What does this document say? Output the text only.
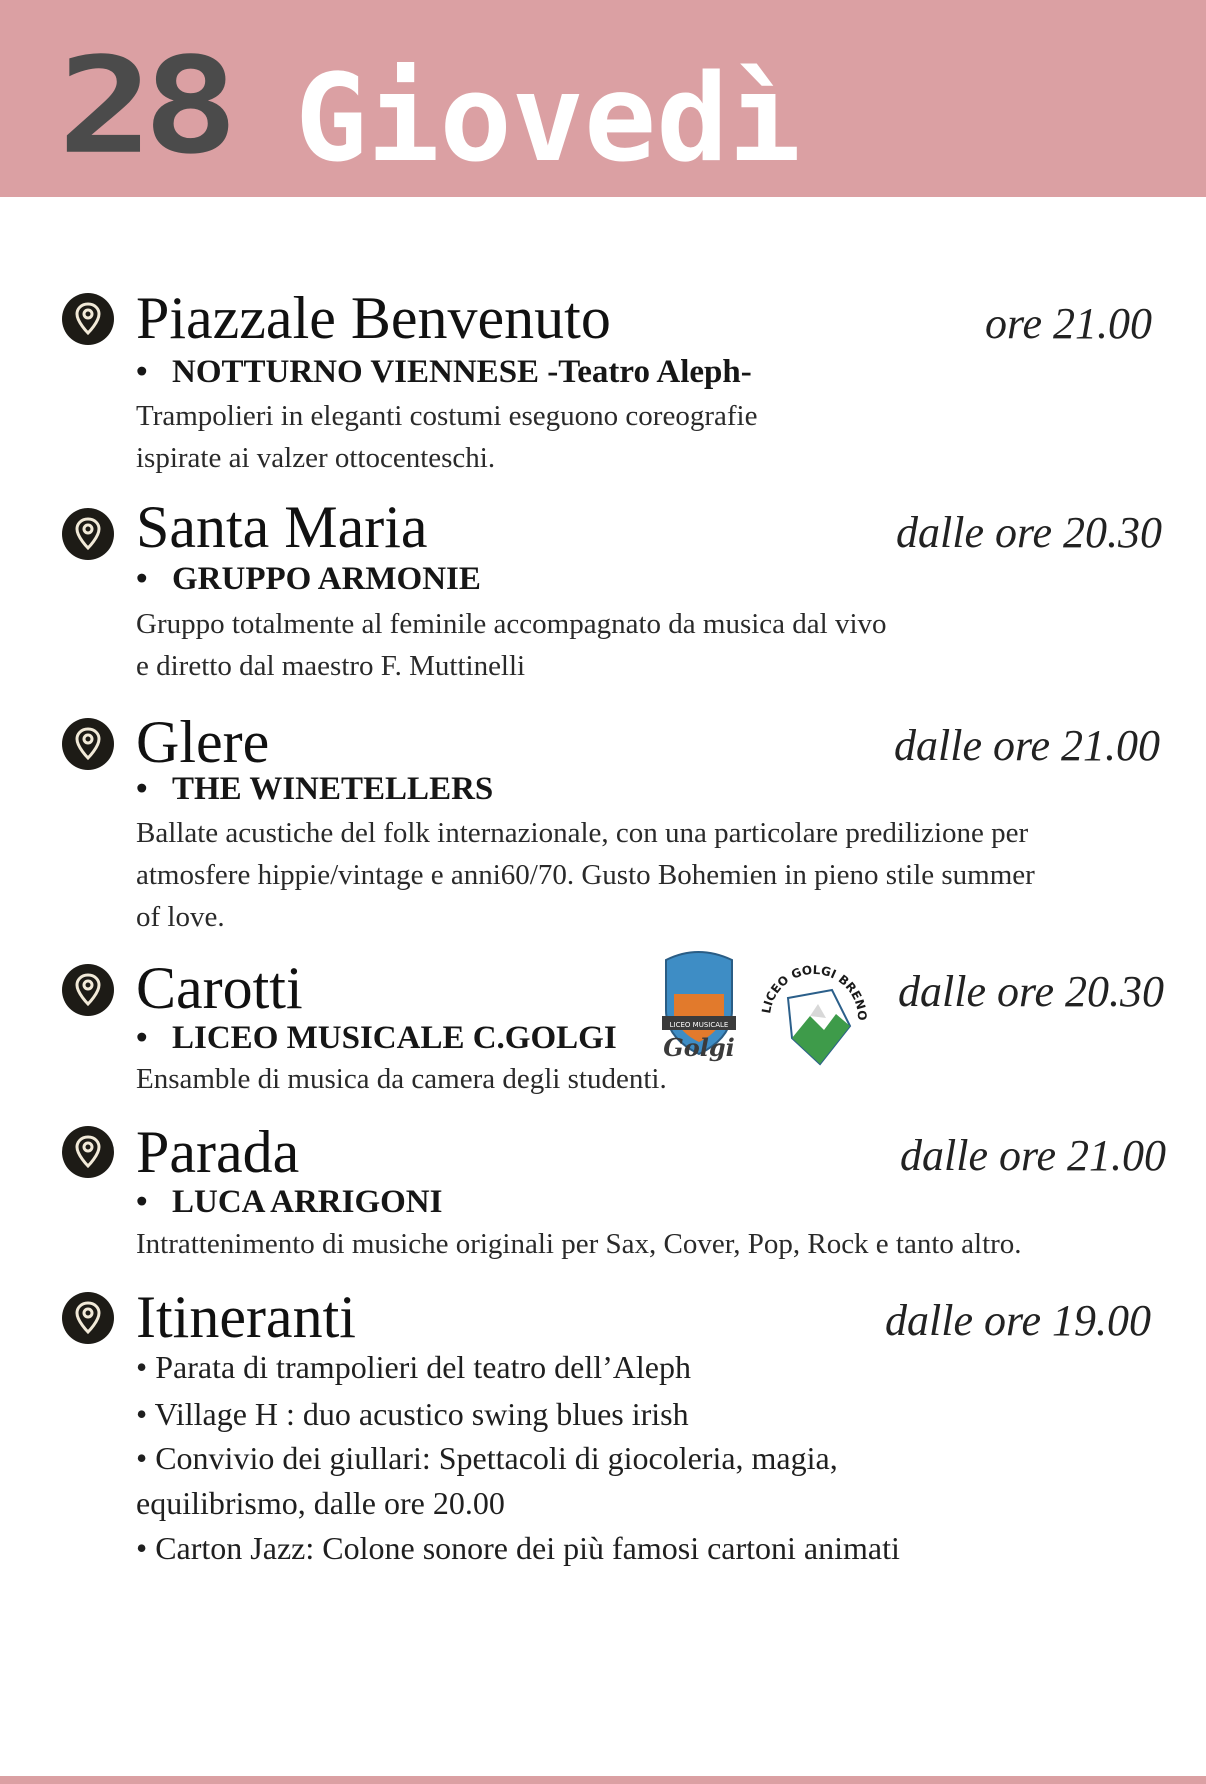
28 Giovedì
Piazzale Benvenuto	ore 21.00
• NOTTURNO VIENNESE -Teatro Aleph-
Trampolieri in eleganti costumi eseguono coreografie
ispirate ai valzer ottocenteschi.
Santa Maria	dalle ore 20.30
• GRUPPO ARMONIE
Gruppo totalmente al feminile accompagnato da musica dal vivo
e diretto dal maestro F. Muttinelli
Glere	dalle ore 21.00
• THE WINETELLERS
Ballate acustiche del folk internazionale, con una particolare predilizione per
atmosfere hippie/vintage e anni60/70. Gusto Bohemien in pieno stile summer
of love.
Carotti	dalle ore 20.30
• LICEO MUSICALE C.GOLGI
Ensamble di musica da camera degli studenti.
LICEO MUSICALE
Golgi
LICEO GOLGI BRENO
Parada	dalle ore 21.00
• LUCA ARRIGONI
Intrattenimento di musiche originali per Sax, Cover, Pop, Rock e tanto altro.
Itineranti	dalle ore 19.00
• Parata di trampolieri del teatro dell’Aleph
• Village H : duo acustico swing blues irish
• Convivio dei giullari: Spettacoli di giocoleria, magia,
equilibrismo, dalle ore 20.00
• Carton Jazz: Colone sonore dei più famosi cartoni animati
